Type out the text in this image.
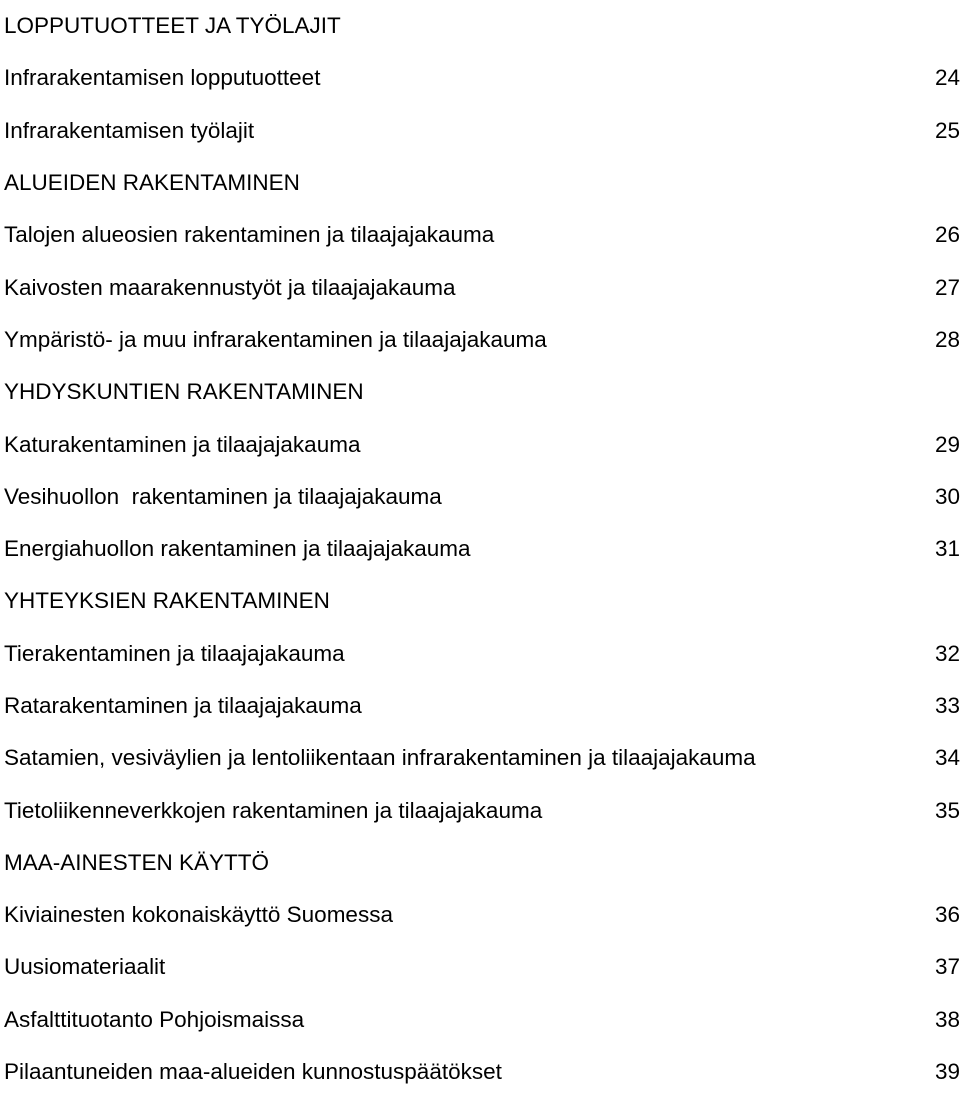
LOPPUTUOTTEET JA TYÖLAJIT
Infrarakentamisen lopputuotteet	24
Infrarakentamisen työlajit	25
ALUEIDEN RAKENTAMINEN
Talojen alueosien rakentaminen ja tilaajajakauma	26
Kaivosten maarakennustyöt ja tilaajajakauma	27
Ympäristö- ja muu infrarakentaminen ja tilaajajakauma	28
YHDYSKUNTIEN RAKENTAMINEN
Katurakentaminen ja tilaajajakauma	29
Vesihuollon  rakentaminen ja tilaajajakauma	30
Energiahuollon rakentaminen ja tilaajajakauma	31
YHTEYKSIEN RAKENTAMINEN
Tierakentaminen ja tilaajajakauma	32
Ratarakentaminen ja tilaajajakauma	33
Satamien, vesiväylien ja lentoliikentaan infrarakentaminen ja tilaajajakauma	34
Tietoliikenneverkkojen rakentaminen ja tilaajajakauma	35
MAA-AINESTEN KÄYTTÖ
Kiviainesten kokonaiskäyttö Suomessa	36
Uusiomateriaalit	37
Asfalttituotanto Pohjoismaissa	38
Pilaantuneiden maa-alueiden kunnostuspäätökset	39
